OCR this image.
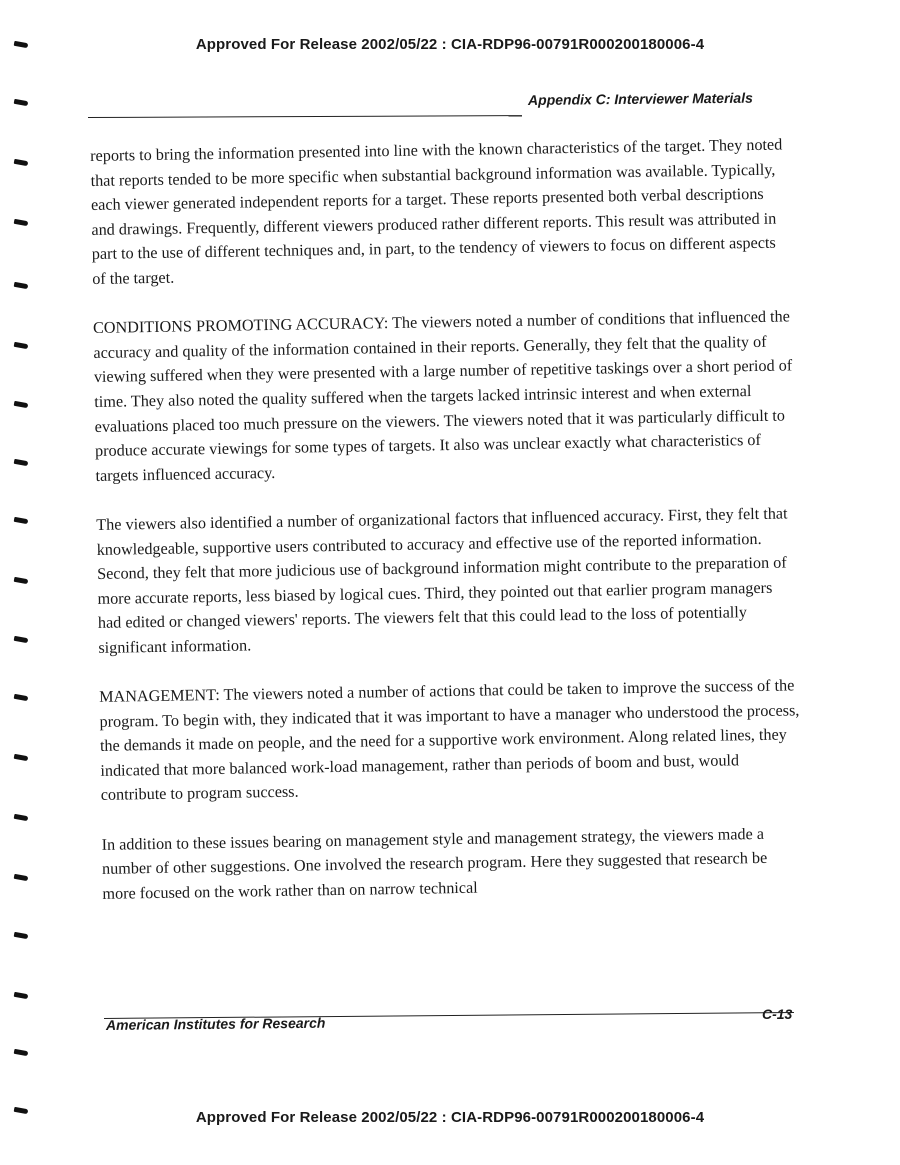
Approved For Release 2002/05/22 : CIA-RDP96-00791R000200180006-4
Appendix C: Interviewer Materials

reports to bring the information presented into line with the known characteristics of the target. They noted that reports tended to be more specific when substantial background information was available. Typically, each viewer generated independent reports for a target. These reports presented both verbal descriptions and drawings. Frequently, different viewers produced rather different reports. This result was attributed in part to the use of different techniques and, in part, to the tendency of viewers to focus on different aspects of the target.

CONDITIONS PROMOTING ACCURACY: The viewers noted a number of conditions that influenced the accuracy and quality of the information contained in their reports. Generally, they felt that the quality of viewing suffered when they were presented with a large number of repetitive taskings over a short period of time. They also noted the quality suffered when the targets lacked intrinsic interest and when external evaluations placed too much pressure on the viewers. The viewers noted that it was particularly difficult to produce accurate viewings for some types of targets. It also was unclear exactly what characteristics of targets influenced accuracy.

The viewers also identified a number of organizational factors that influenced accuracy. First, they felt that knowledgeable, supportive users contributed to accuracy and effective use of the reported information. Second, they felt that more judicious use of background information might contribute to the preparation of more accurate reports, less biased by logical cues. Third, they pointed out that earlier program managers had edited or changed viewers' reports. The viewers felt that this could lead to the loss of potentially significant information.

MANAGEMENT: The viewers noted a number of actions that could be taken to improve the success of the program. To begin with, they indicated that it was important to have a manager who understood the process, the demands it made on people, and the need for a supportive work environment. Along related lines, they indicated that more balanced work-load management, rather than periods of boom and bust, would contribute to program success.

In addition to these issues bearing on management style and management strategy, the viewers made a number of other suggestions. One involved the research program. Here they suggested that research be more focused on the work rather than on narrow technical

American Institutes for Research
C-13
Approved For Release 2002/05/22 : CIA-RDP96-00791R000200180006-4
